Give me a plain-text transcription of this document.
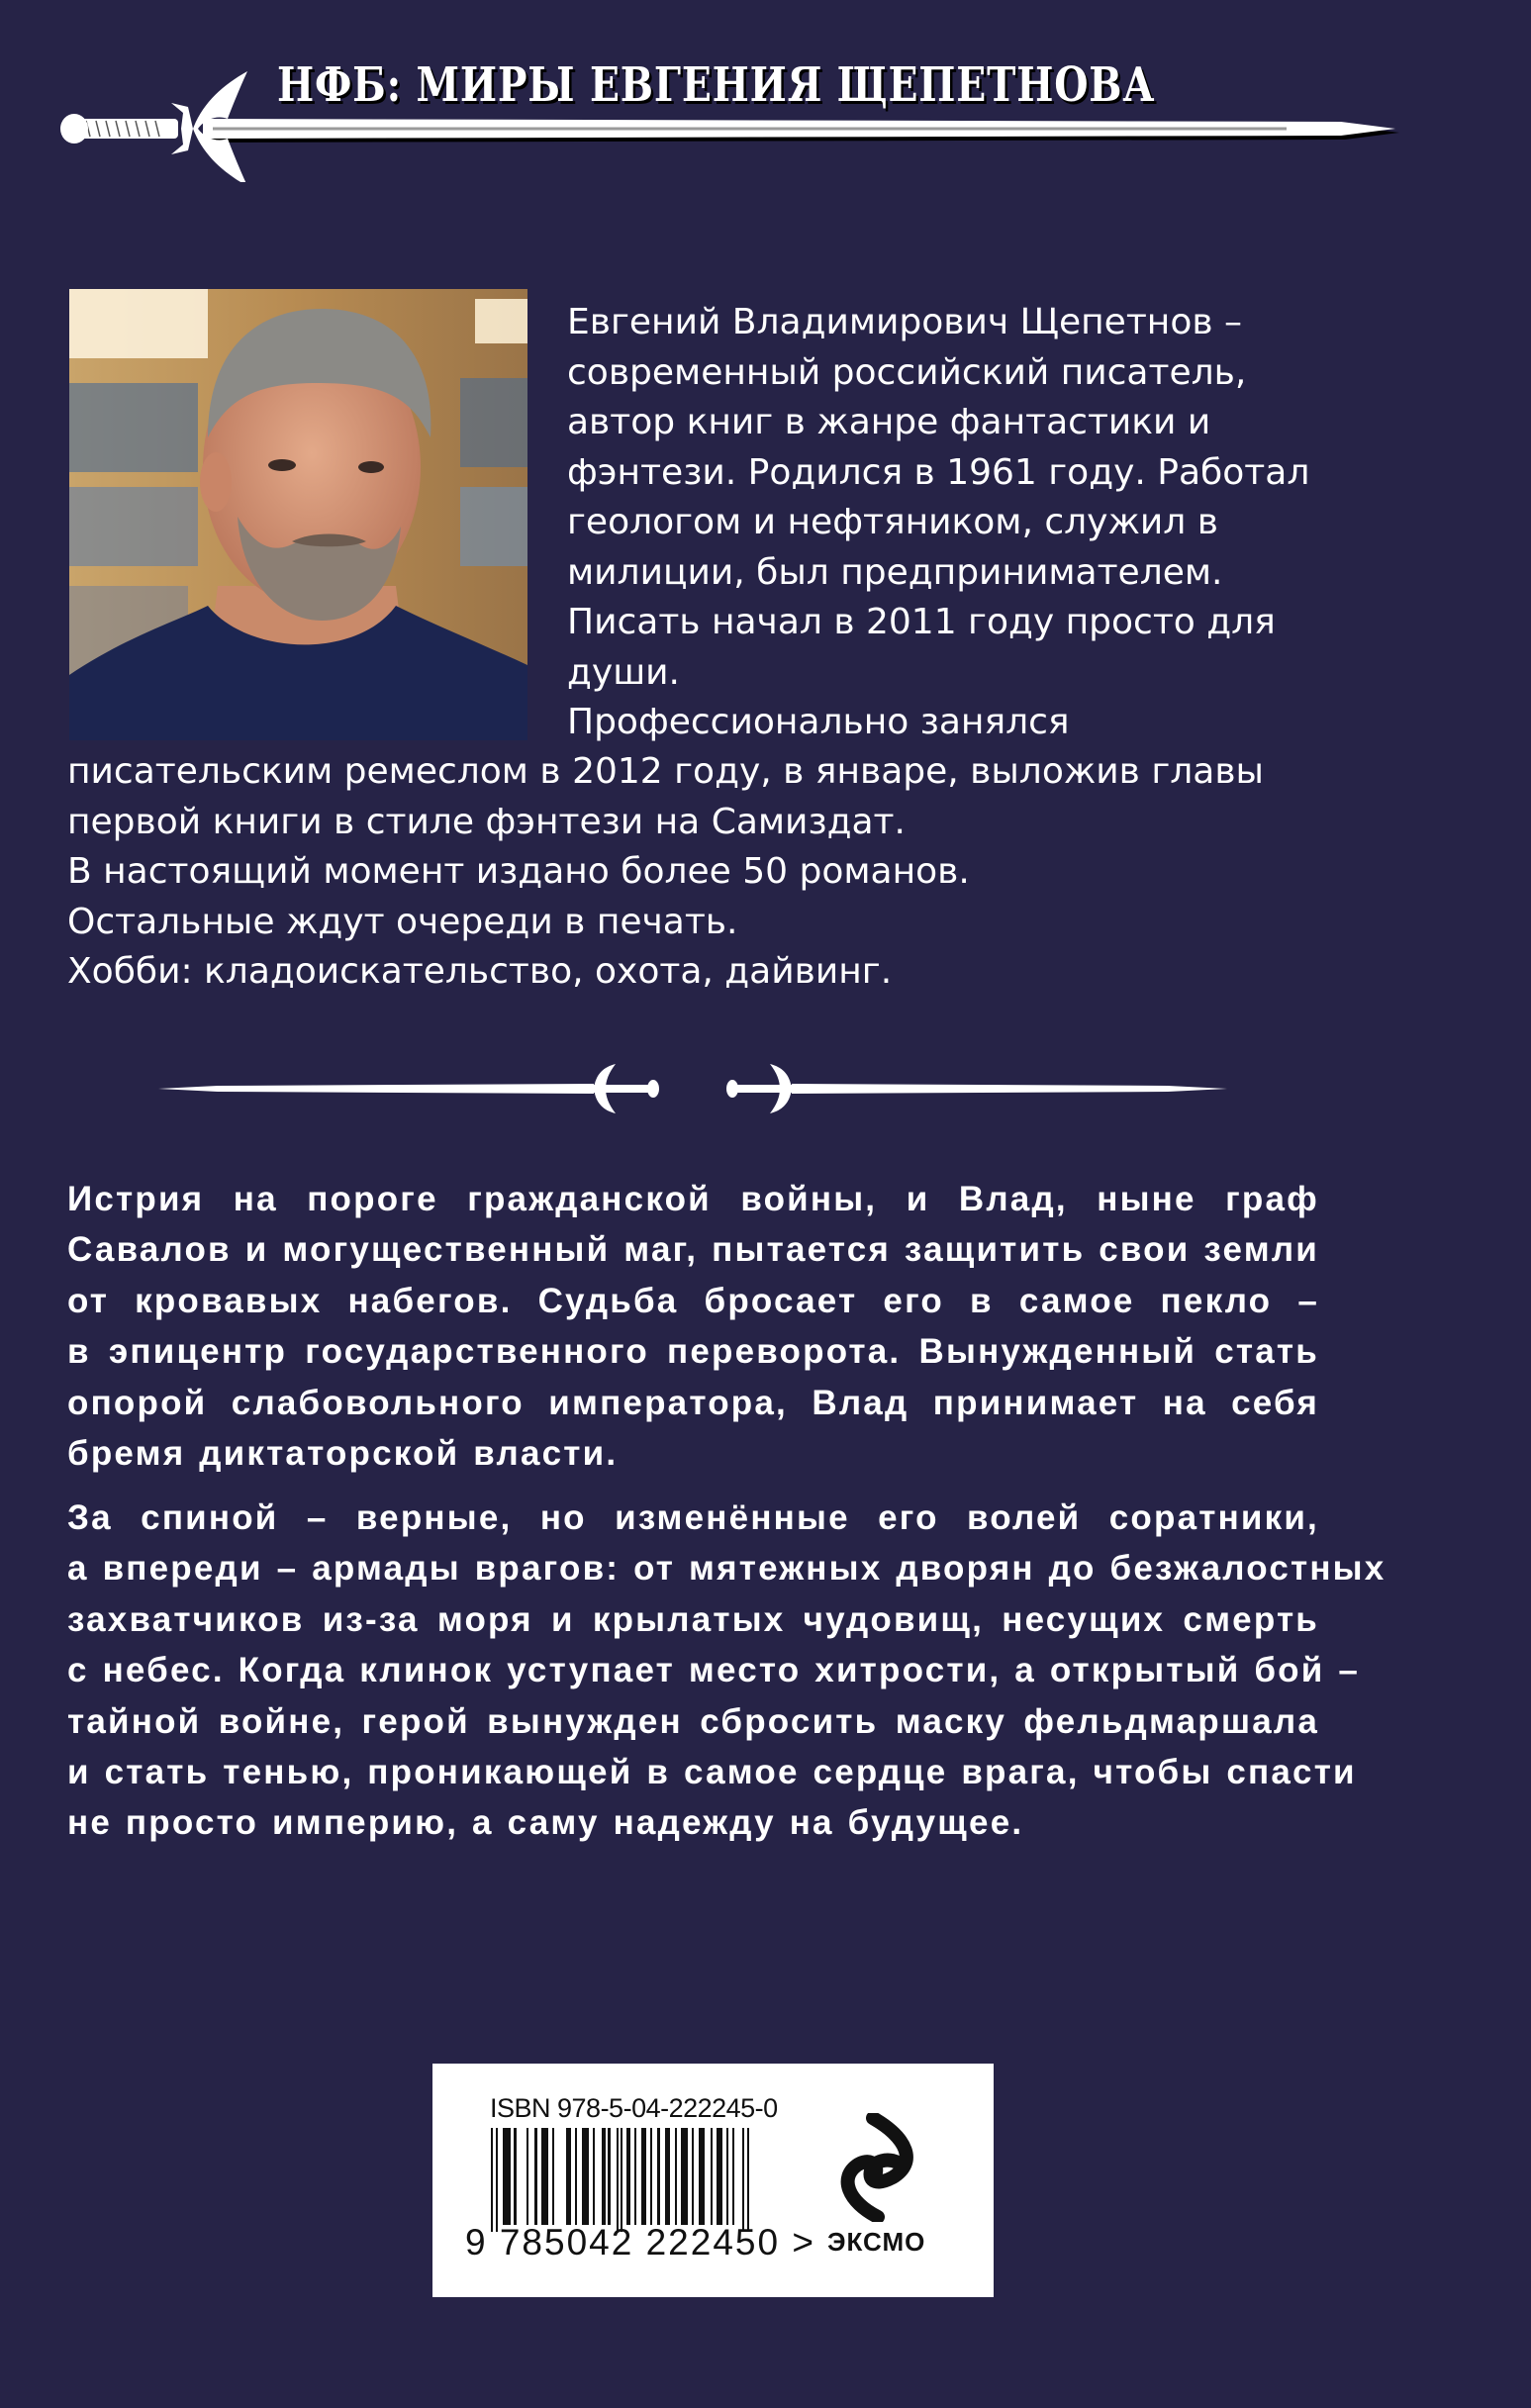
НФБ: МИРЫ ЕВГЕНИЯ ЩЕПЕТНОВА
Евгений Владимирович Щепетнов –
современный российский писатель,
автор книг в жанре фантастики и
фэнтези. Родился в 1961 году. Работал
геологом и нефтяником, служил в
милиции, был предпринимателем.
Писать начал в 2011 году просто для
души.
Профессионально занялся
писательским ремеслом в 2012 году, в январе, выложив главы
первой книги в стиле фэнтези на Самиздат.
В настоящий момент издано более 50 романов.
Остальные ждут очереди в печать.
Хобби: кладоискательство, охота, дайвинг.
Истрия на пороге гражданской войны, и Влад, ныне граф
Савалов и могущественный маг, пытается защитить свои земли
от кровавых набегов. Судьба бросает его в самое пекло –
в эпицентр государственного переворота. Вынужденный стать
опорой слабовольного императора, Влад принимает на себя
бремя диктаторской власти.
За спиной – верные, но изменённые его волей соратники,
а впереди – армады врагов: от мятежных дворян до безжалостных
захватчиков из-за моря и крылатых чудовищ, несущих смерть
с небес. Когда клинок уступает место хитрости, а открытый бой –
тайной войне, герой вынужден сбросить маску фельдмаршала
и стать тенью, проникающей в самое сердце врага, чтобы спасти
не просто империю, а саму надежду на будущее.
ISBN 978-5-04-222245-0
9 785042 222450 > ЭКСМО
